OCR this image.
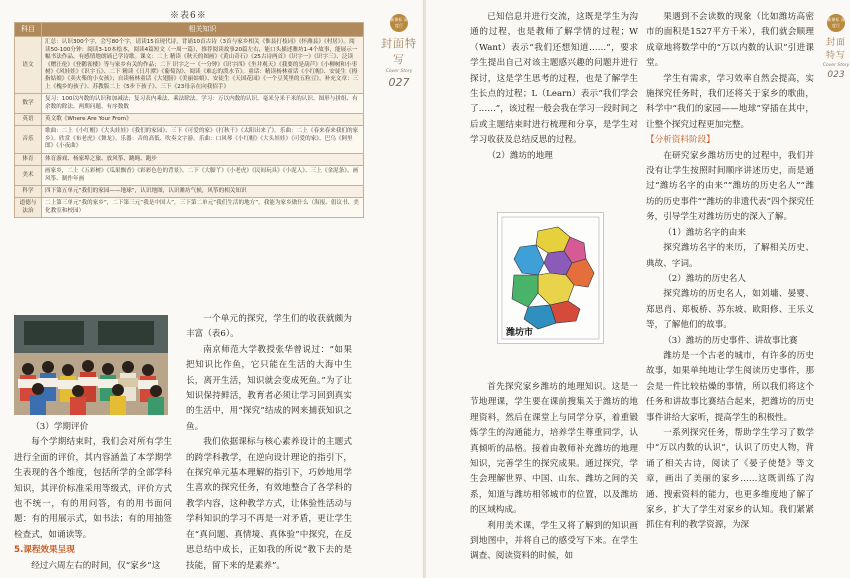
※表6※
科目	相关知识
语文	汇总：认识300个字，会写80个字，请读15首现代诗，背诵10首古诗（3首与家乡相关《惟县打枝词》《怀潍县》《村居》）。阅读50-100分钟：阅读3-10本绘本，阅读4篇短文（一周一篇），推荐阅读故事20篇左右，能口头描述潍坊1-4个故事，能展示一幅书法作品，有感情地朗诵已学诗歌。课文：二上 精读《秋天的图画》《黄山奇石》《25古诗两首》《识字一》《识字三》、泛读《赠汪伦》《登鹳雀楼》等与家乡有关的作品；二下 识字之一《一分钟》《识字四》《坐井观天》《我要的是葫芦》《小柳树和小枣树》《风娃娃》《识字五》、二下 精读《日月潭》《葡萄沟》、阅读《难忘的泼水节》。童话：精读杨林童话《小红帽》、安徒生《拇指姑娘》《卖火柴的小女孩》；自读杨林童话《大翅膀》《美丽姑娘》、安徒生《天国花园》《一个豆荚里的五粒豆》。补充文章：三上《槐乡的孩子》、苏教版二上《5步下孩子》、三下《23母亲在向我招手》
数学	复习：100以内数的认识和加减法；复习表内乘法、乘法除法。学习：万以内数的认识、毫米分米千米的认识、图形与拼组、有余数的除法、两期问题、有序数数
英语	英文歌《Where Are Your From》
音乐	歌曲：二上《小红帽》《大头娃娃》《我们的家园》、三下《可爱的家》《打秋千》《太阳出来了》。乐曲：二上《春来春来我们的家乡》。欣赏《布老虎》《舞龙》。乐器：音的高低、吹奏文字游。乐曲：口风琴《小红帽》《大头娃娃》《可爱的家》、巴乌《阿里郎》《小夜曲》
体育	体育游戏、杨家埠之旅、放风筝、跳绳、跑步
美术	画家乡，二上《五彩树》《瓜果飘香》《彩彩色色的背景》、二下《大脚丫》《小老虎》《民间玩具》《小泥人》、三上《金泥条》、画风筝、制作年画
科学	四下第五单元“我们的家园——地球”，认识地图，认识潍坊气候，风筝的相关知识
道德与法治	二上第三单元“我的家乡”，二下第三元“我是中国人”，三下第二单元“我们生活的地方”，我能为家乡做什么（海报、倡议书、美化教室和校园）
新课标 深度行
封面特写
Cover Story
027

（3）学期评价

每个学期结束时，我们会对所有学生进行全面的评价，其内容涵盖了本学期学生表现的各个维度，包括所学的全部学科知识，其评价标准采用等级式，评价方式也不统一，有的用问答，有的用书面问题：有的用展示式，如书法；有的用抽签检查式，如诵读等。

5.课程效果呈现

经过六周左右的时间，仅“家乡”这

一个单元的探究，学生们的收获就颇为丰富（表6）。

南京师范大学教授张华曾说过：“如果把知识比作鱼，它只能在生活的大海中生长，离开生活，知识就会变成死鱼。”为了让知识保持鲜活，教育者必须让学习回到真实的生活中，用“探究”结成的网来捕获知识之鱼。

我们依据课标与核心素养设计的主题式的跨学科教学，在逆向设计理论的指引下，在探究单元基本理解的指引下，巧妙地用学生喜欢的探究任务，有效地整合了各学科的教学内容，这种教学方式，让体验性活动与学科知识的学习不再是一对矛盾，更让学生在“真问题、真情境、真体验”中探究，在反思总结中成长，正如我的所说“教下去的是技能，留下来的是素养”。

已知信息并进行交流，这既是学生为沟通的过程，也是教师了解学情的过程；W（Want）表示“我们还想知道……”，要求学生提出自己对该主题感兴趣的问题并进行探讨，这是学生思考的过程，也是了解学生生长点的过程；L（Learn）表示“我们学会了……”，该过程一般会我在学习一段时间之后或主题结束时进行梳理和分享，是学生对学习收获及总结反思的过程。

（2）潍坊的地理

首先探究家乡潍坊的地理知识。这是一节地理课，学生要在课前搜集关于潍坊的地理资料，然后在课堂上与同学分享，着重锻炼学生的沟通能力，培养学生尊重同学，认真倾听的品格。接着由教师补充潍坊的地理知识，完善学生的探究成果。通过探究，学生会理解世界、中国、山东、潍坊之间的关系，知道与潍坊相邻城市的位置，以及潍坊的区域构成。

利用美术课，学生又将了解到的知识画到地图中，并将自己的感受写下来。在学生调查、阅读资料的时候，如

果遇到不会读数的现象（比如潍坊高密市的面积是1527平方千米），我们就会顺理成章地将数学中的“万以内数的认识”引进课堂。

学生有需求，学习效率自然会提高，实施探究任务时，我们还将关于家乡的歌曲，科学中“我们的家园——地球”穿插在其中，让整个探究过程更加完整。

【分析资料阶段】

在研究家乡潍坊历史的过程中，我们并没有让学生按照时间顺序讲述历史，而是通过“潍坊名字的由来”“潍坊的历史名人”“潍坊的历史事件”“潍坊的非遗代表”四个探究任务，引导学生对潍坊历史的深入了解。

（1）潍坊名字的由来

探究潍坊名字的来历，了解相关历史、典故、字词。

（2）潍坊的历史名人

探究潍坊的历史名人，如刘墉、晏婴、郑思肖、郑板桥、苏东坡、欧阳修、王乐义等，了解他们的故事。

（3）潍坊的历史事件、讲故事比赛

潍坊是一个古老的城市，有许多的历史故事，如果单纯地让学生阅读历史事件，那会是一件比较枯燥的事情，所以我们将这个任务和讲故事比赛结合起来，把潍坊的历史事件讲给大家听，提高学生的积极性。

一系列探究任务，帮助学生学习了数学中“万以内数的认识”，认识了历史人物，背诵了相关古诗，阅读了《晏子使楚》等文章，画出了美丽的家乡……这既训练了沟通、搜索资料的能力，也更多维度地了解了家乡，扩大了学生对家乡的认知。我们紧紧抓住有利的教学资源，为深

新课标 深度行
封面特写
Cover Story
023
潍坊市
